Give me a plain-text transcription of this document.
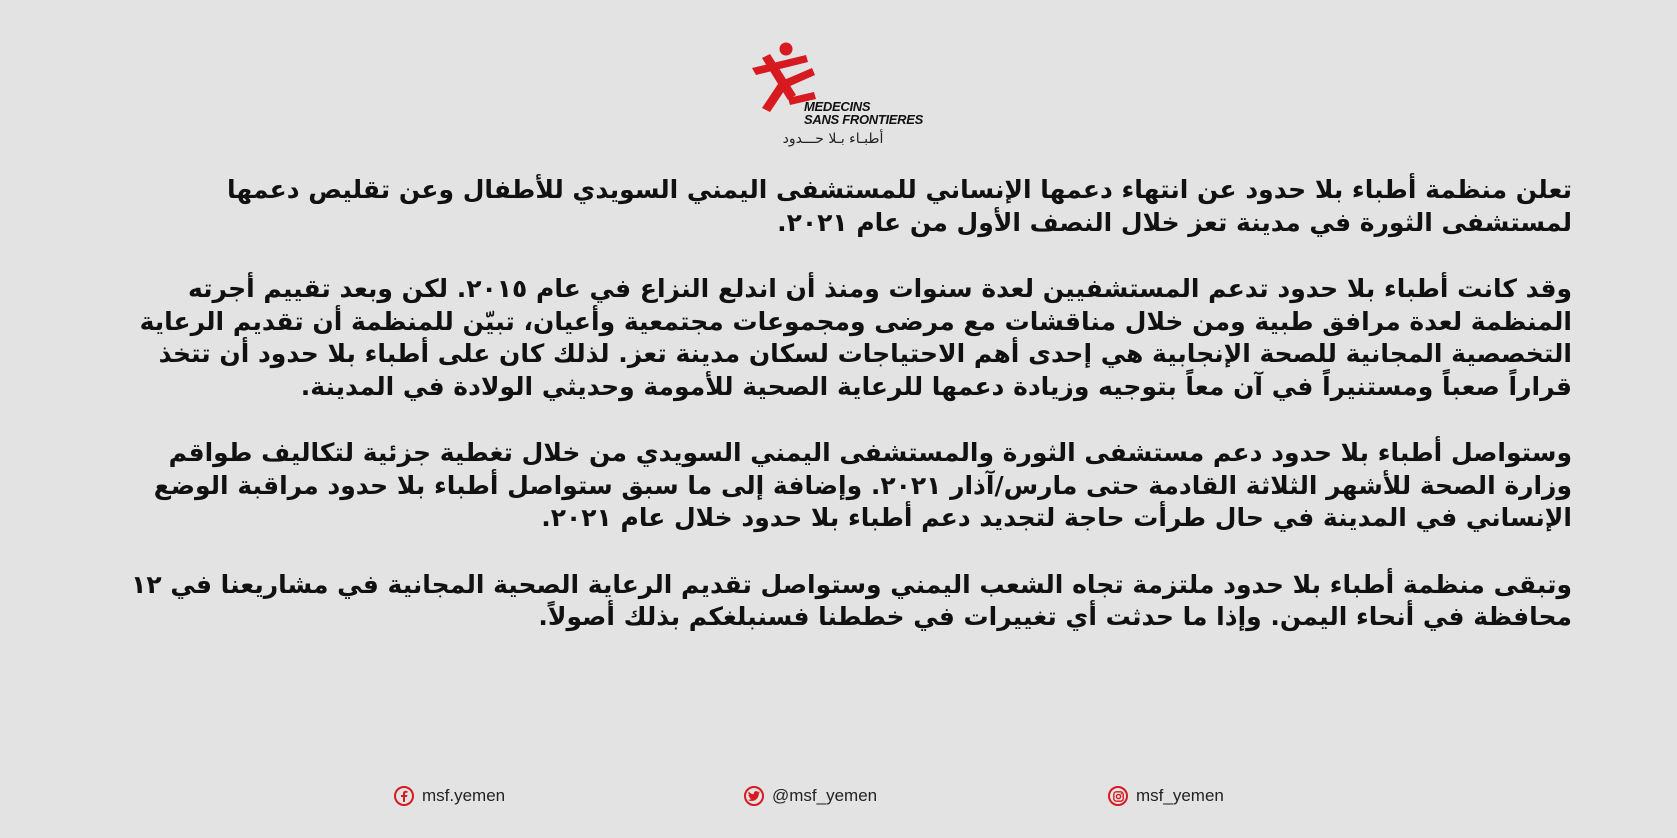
MEDECINS
SANS FRONTIERES
أطبـاء بـلا حـــدود

تعلن منظمة أطباء بلا حدود عن انتهاء دعمها الإنساني للمستشفى اليمني السويدي للأطفال وعن تقليص دعمها لمستشفى الثورة في مدينة تعز خلال النصف الأول من عام ٢٠٢١.

وقد كانت أطباء بلا حدود تدعم المستشفيين لعدة سنوات ومنذ أن اندلع النزاع في عام ٢٠١٥. لكن وبعد تقييم أجرته المنظمة لعدة مرافق طبية ومن خلال مناقشات مع مرضى ومجموعات مجتمعية وأعيان، تبيّن للمنظمة أن تقديم الرعاية التخصصية المجانية للصحة الإنجابية هي إحدى أهم الاحتياجات لسكان مدينة تعز. لذلك كان على أطباء بلا حدود أن تتخذ قراراً صعباً ومستنيراً في آن معاً بتوجيه وزيادة دعمها للرعاية الصحية للأمومة وحديثي الولادة في المدينة.

وستواصل أطباء بلا حدود دعم مستشفى الثورة والمستشفى اليمني السويدي من خلال تغطية جزئية لتكاليف طواقم وزارة الصحة للأشهر الثلاثة القادمة حتى مارس/آذار ٢٠٢١. وإضافة إلى ما سبق ستواصل أطباء بلا حدود مراقبة الوضع الإنساني في المدينة في حال طرأت حاجة لتجديد دعم أطباء بلا حدود خلال عام ٢٠٢١.

وتبقى منظمة أطباء بلا حدود ملتزمة تجاه الشعب اليمني وستواصل تقديم الرعاية الصحية المجانية في مشاريعنا في ١٢ محافظة في أنحاء اليمن. وإذا ما حدثت أي تغييرات في خططنا فسنبلغكم بذلك أصولاً.

msf.yemen	@msf_yemen	msf_yemen
